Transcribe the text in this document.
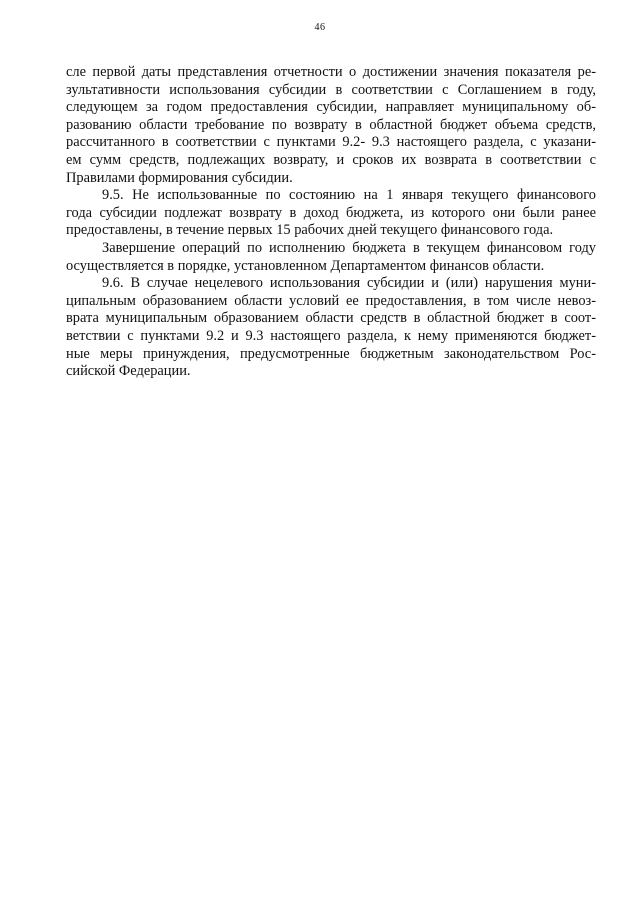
46
сле первой даты представления отчетности о достижении значения показателя ре-
зультативности использования субсидии в соответствии с Соглашением в году,
следующем за годом предоставления субсидии, направляет муниципальному об-
разованию области требование по возврату в областной бюджет объема средств,
рассчитанного в соответствии с пунктами 9.2- 9.3 настоящего раздела, с указани-
ем сумм средств, подлежащих возврату, и сроков их возврата в соответствии с
Правилами формирования субсидии.
9.5. Не использованные по состоянию на 1 января текущего финансового
года субсидии подлежат возврату в доход бюджета, из которого они были ранее
предоставлены, в течение первых 15 рабочих дней текущего финансового года.
Завершение операций по исполнению бюджета в текущем финансовом году
осуществляется в порядке, установленном Департаментом финансов области.
9.6. В случае нецелевого использования субсидии и (или) нарушения муни-
ципальным образованием области условий ее предоставления, в том числе невоз-
врата муниципальным образованием области средств в областной бюджет в соот-
ветствии с пунктами 9.2 и 9.3 настоящего раздела, к нему применяются бюджет-
ные меры принуждения, предусмотренные бюджетным законодательством Рос-
сийской Федерации.
